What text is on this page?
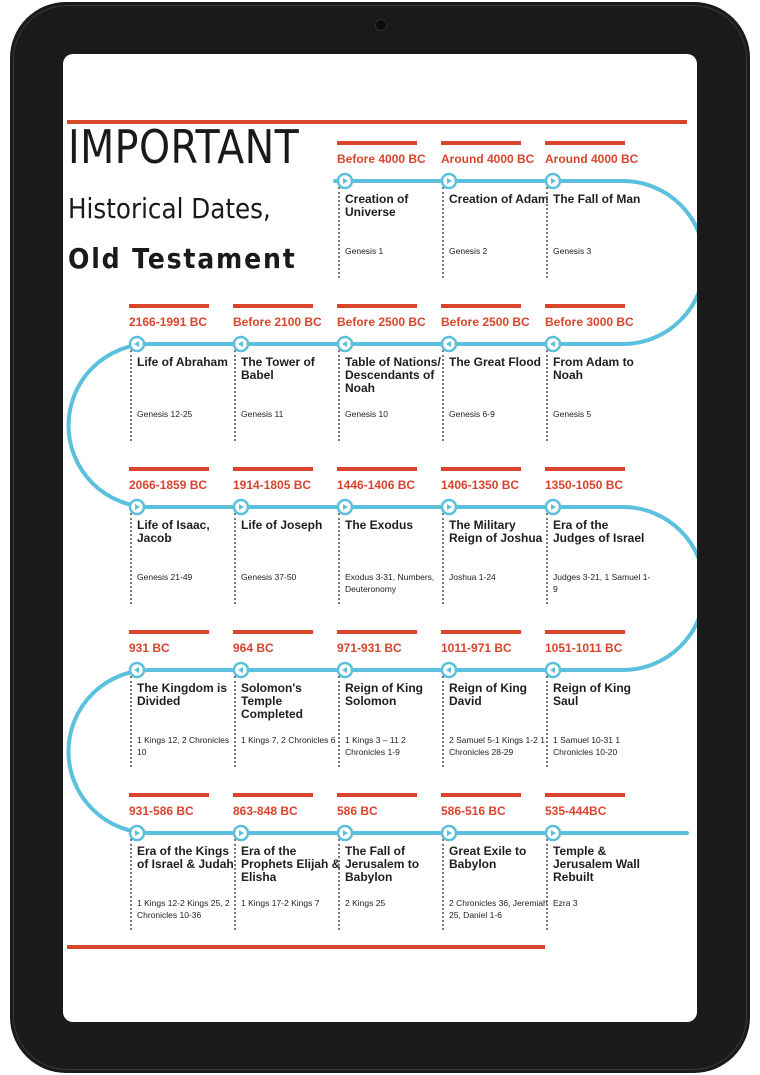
IMPORTANT
Historical Dates,
Old Testament
Before 4000 BC
Creation of Universe
Genesis 1
Around 4000 BC
Creation of Adam
Genesis 2
Around 4000 BC
The Fall of Man
Genesis 3
2166-1991 BC
Life of Abraham
Genesis 12-25
Before 2100 BC
The Tower of Babel
Genesis 11
Before 2500 BC
Table of Nations/ Descendants of Noah
Genesis 10
Before 2500 BC
The Great Flood
Genesis 6-9
Before 3000 BC
From Adam to Noah
Genesis 5
2066-1859 BC
Life of Isaac, Jacob
Genesis 21-49
1914-1805 BC
Life of Joseph
Genesis 37-50
1446-1406 BC
The Exodus
Exodus 3-31, Numbers, Deuteronomy
1406-1350 BC
The Military Reign of Joshua
Joshua 1-24
1350-1050 BC
Era of the Judges of Israel
Judges 3-21, 1 Samuel 1-9
931 BC
The Kingdom is Divided
1 Kings 12, 2 Chronicles 10
964 BC
Solomon's Temple Completed
1 Kings 7, 2 Chronicles 6
971-931 BC
Reign of King Solomon
1 Kings 3 – 11 2 Chronicles 1-9
1011-971 BC
Reign of King David
2 Samuel 5-1 Kings 1-2 1 Chronicles 28-29
1051-1011 BC
Reign of King Saul
1 Samuel 10-31 1 Chronicles 10-20
931-586 BC
Era of the Kings of Israel & Judah
1 Kings 12-2 Kings 25, 2 Chronicles 10-36
863-848 BC
Era of the Prophets Elijah & Elisha
1 Kings 17-2 Kings 7
586 BC
The Fall of Jerusalem to Babylon
2 Kings 25
586-516 BC
Great Exile to Babylon
2 Chronicles 36, Jeremiah 25, Daniel 1-6
535-444BC
Temple & Jerusalem Wall Rebuilt
Ezra 3
